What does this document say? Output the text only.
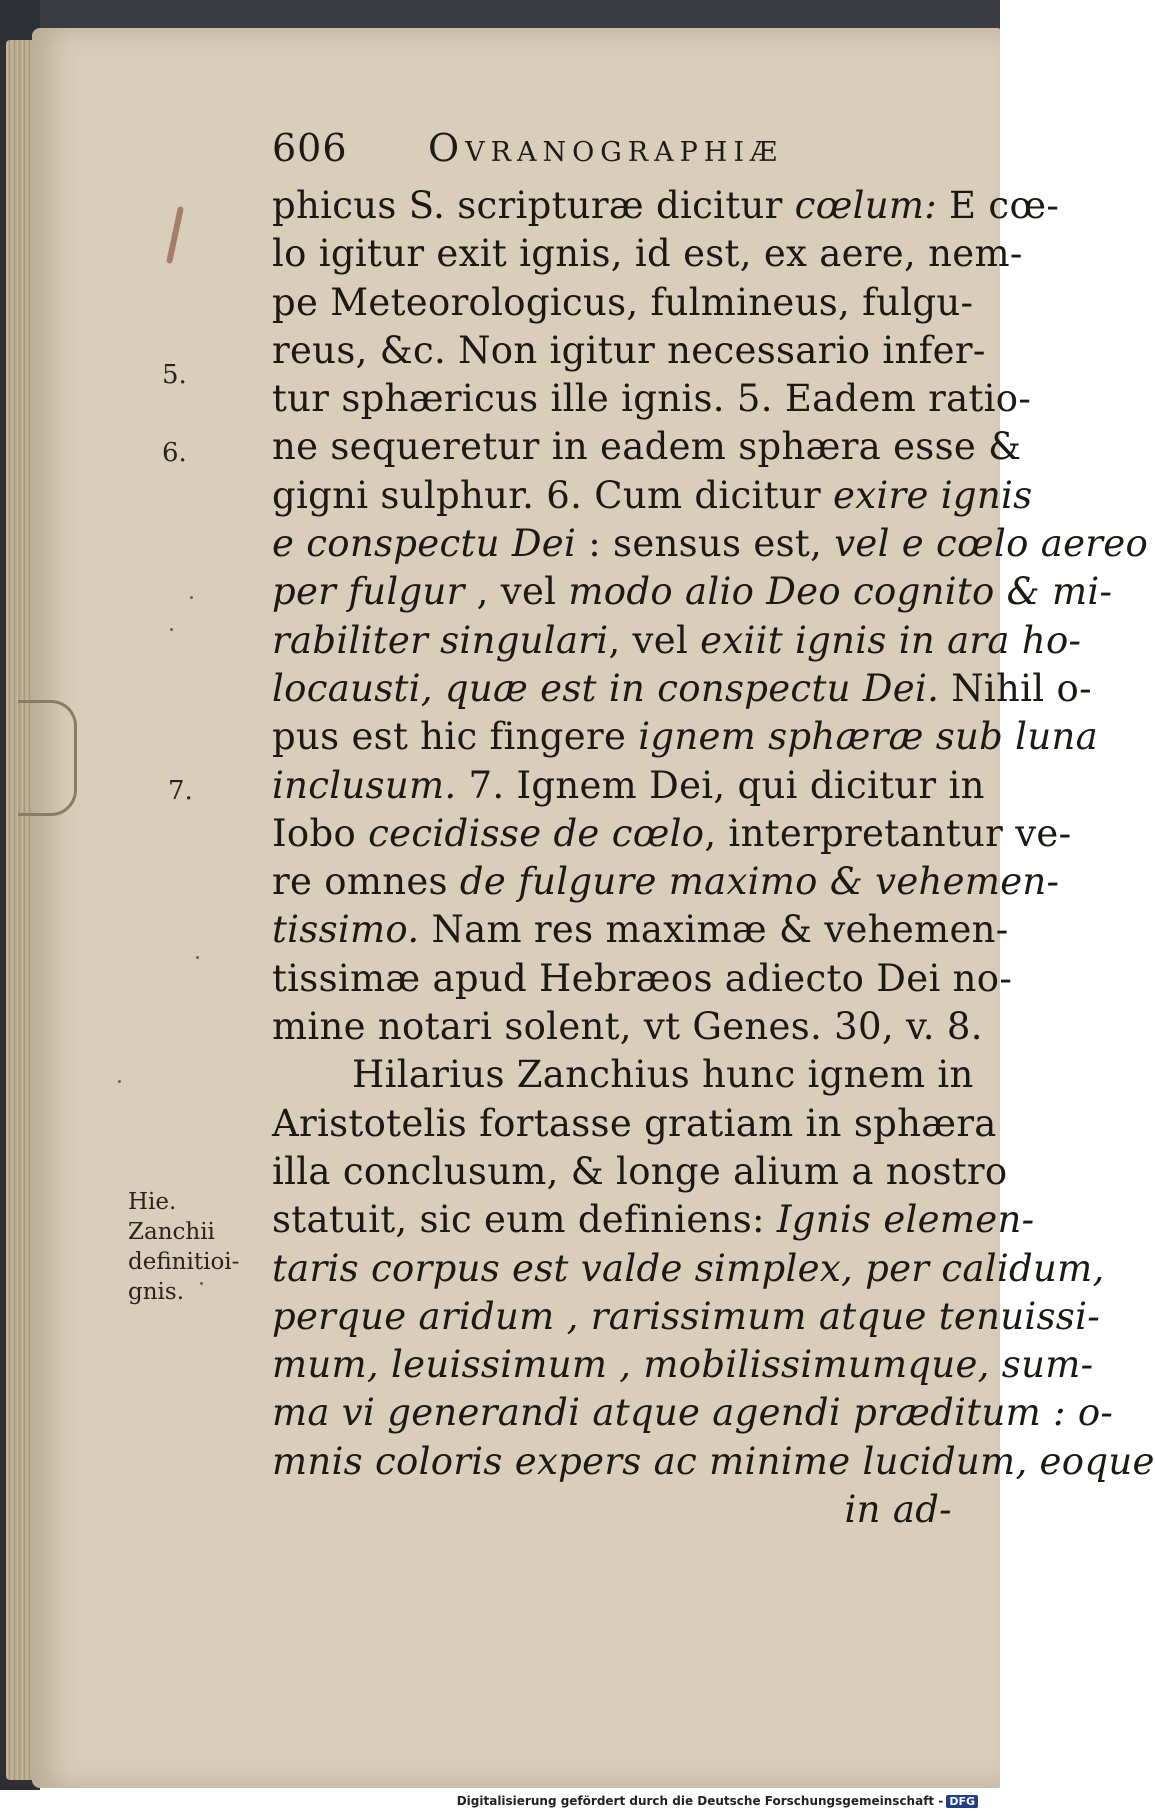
606 Ovranographiæ
5.
6.
7.
Hie. Zanchii
definitioi-
gnis.
phicus S. scripturæ dicitur cœlum: E cœ-
lo igitur exit ignis, id est, ex aere, nem-
pe Meteorologicus, fulmineus, fulgu-
reus, &c. Non igitur necessario infer-
tur sphæricus ille ignis. 5. Eadem ratio-
ne sequeretur in eadem sphæra esse &
gigni sulphur. 6. Cum dicitur exire ignis
e conspectu Dei : sensus est, vel e cœlo aereo
per fulgur , vel modo alio Deo cognito & mi-
rabiliter singulari, vel exiit ignis in ara ho-
locausti, quæ est in conspectu Dei. Nihil o-
pus est hic fingere ignem sphæræ sub luna
inclusum. 7. Ignem Dei, qui dicitur in
Iobo cecidisse de cœlo, interpretantur ve-
re omnes de fulgure maximo & vehemen-
tissimo. Nam res maximæ & vehemen-
tissimæ apud Hebræos adiecto Dei no-
mine notari solent, vt Genes. 30, v. 8.
Hilarius Zanchius hunc ignem in
Aristotelis fortasse gratiam in sphæra
illa conclusum, & longe alium a nostro
statuit, sic eum definiens: Ignis elemen-
taris corpus est valde simplex, per calidum,
perque aridum , rarissimum atque tenuissi-
mum, leuissimum , mobilissimumque, sum-
ma vi generandi atque agendi præditum : o-
mnis coloris expers ac minime lucidum, eoque
in ad-
Digitalisierung gefördert durch die Deutsche Forschungsgemeinschaft - DFG
